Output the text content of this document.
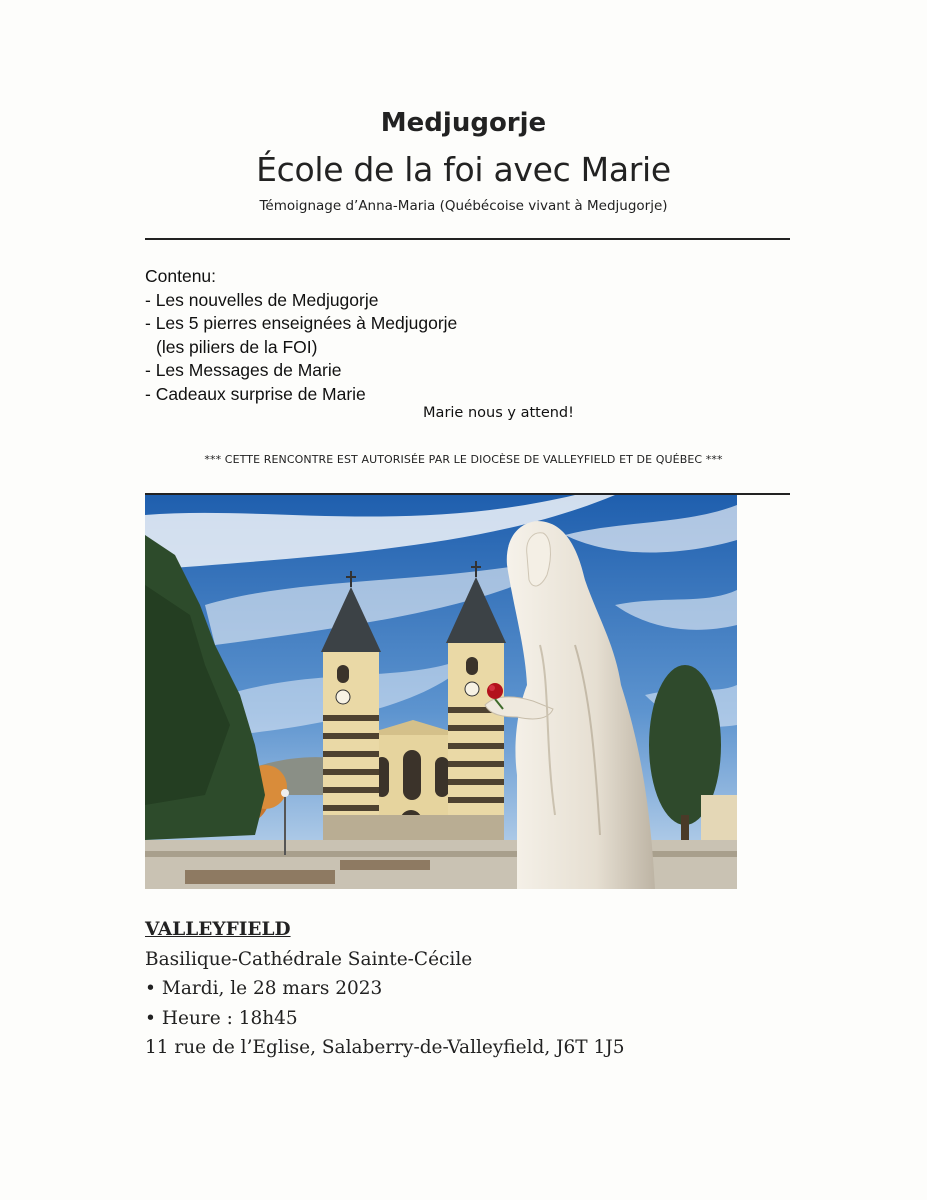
Medjugorje
École de la foi avec Marie
Témoignage d’Anna-Maria (Québécoise vivant à Medjugorje)
Contenu:
- Les nouvelles de Medjugorje
- Les 5 pierres enseignées à Medjugorje
(les piliers de la FOI)
- Les Messages de Marie
- Cadeaux surprise de Marie
Marie nous y attend!
*** CETTE RENCONTRE EST AUTORISÉE PAR LE DIOCÈSE DE VALLEYFIELD ET DE QUÉBEC ***
VALLEYFIELD
Basilique-Cathédrale Sainte-Cécile
• Mardi, le 28 mars 2023
• Heure : 18h45
11 rue de l’Eglise, Salaberry-de-Valleyfield, J6T 1J5
